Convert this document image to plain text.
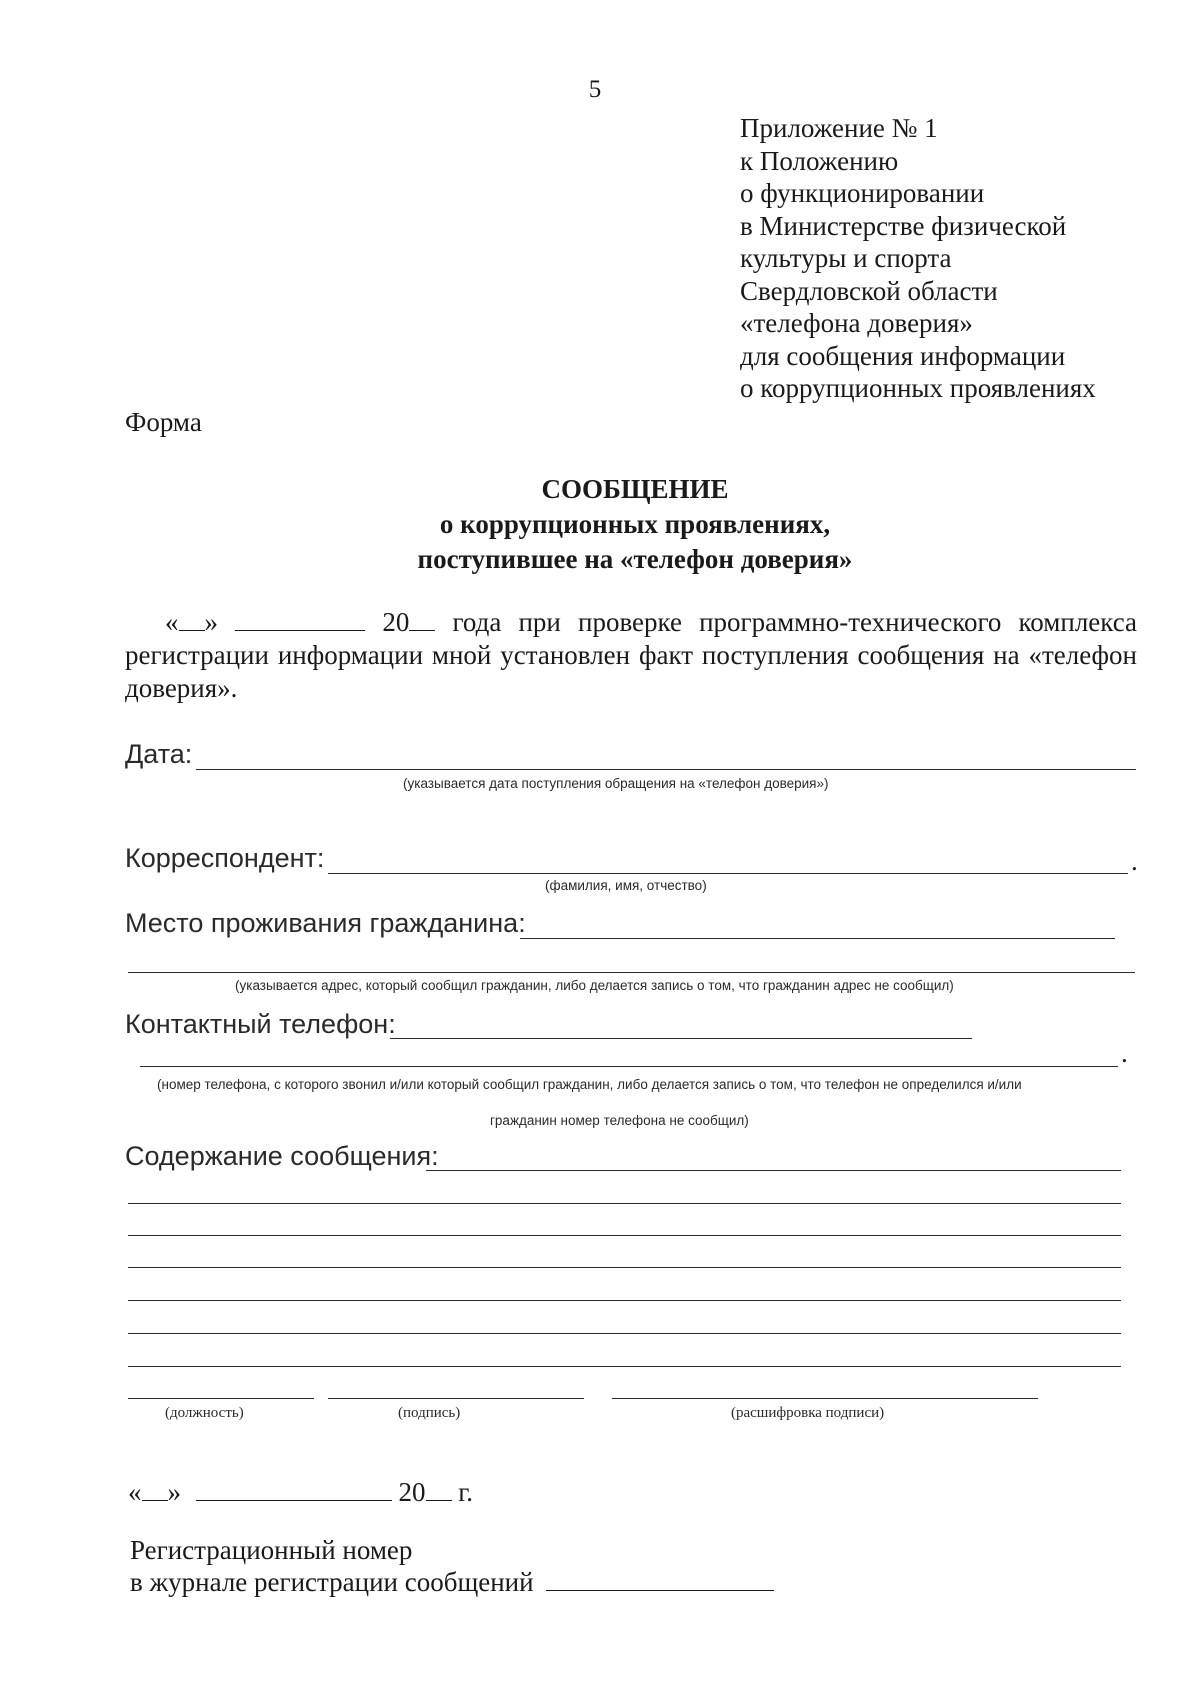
5
Приложение № 1
к Положению
о функционировании
в Министерстве физической
культуры и спорта
Свердловской области
«телефона доверия»
для сообщения информации
о коррупционных проявлениях
Форма
СООБЩЕНИЕ
о коррупционных проявлениях,
поступившее на «телефон доверия»
« »	20 года при проверке программно-технического комплекса регистрации информации мной установлен факт поступления сообщения на «телефон доверия».
Дата:
(указывается дата поступления обращения на «телефон доверия»)
Корреспондент:	.
(фамилия, имя, отчество)
Место проживания гражданина:
(указывается адрес, который сообщил гражданин, либо делается запись о том, что гражданин адрес не сообщил)
Контактный телефон:
.
(номер телефона, с которого звонил и/или который сообщил гражданин, либо делается запись о том, что телефон не определился и/или
гражданин номер телефона не сообщил)
Содержание сообщения:
(должность)	(подпись)	(расшифровка подписи)
« »	20 г.
Регистрационный номер
в журнале регистрации сообщений
